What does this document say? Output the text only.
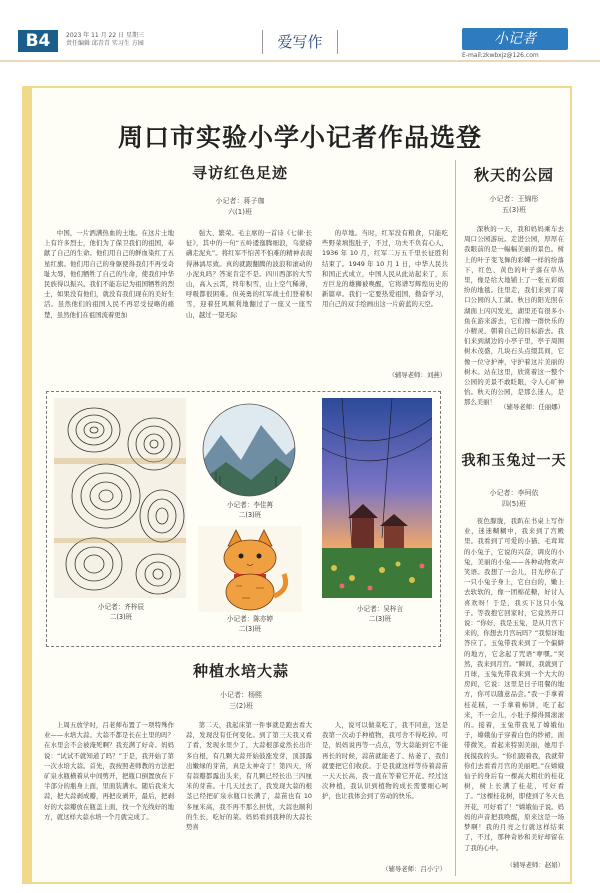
B4	2023 年 11 月 22 日 星期三
责任编辑 邱青青 实习生 方园	爱写作	小记者
E-mail:zkwbxjz@126.com
周口市实验小学小记者作品选登
寻访红色足迹
小记者：蒋子珈
六(1)班

中国，一片洒满热血的土地。在这片土地上有许多烈士，他们为了保卫我们的祖国，奉献了自己的生命。他们用自己的鲜血染红了五星红旗。他们用自己的身躯使得我们不再受奇耻大辱，他们牺牲了自己的生命，使我们中华民族得以振兴。我们不能忘记为祖国牺牲的烈士，如果没有他们，就没有我们现在的美好生活。虽然他们的祖国人民不再忍受侵略的痛楚，虽然他们在祖国流着更加

强大、繁荣。毛主席的一首诗《七律·长征》，其中的一句“五岭逶迤腾细浪，乌蒙磅礴走泥丸”。将红军不怕苦不怕难的精神表现得淋漓尽致。真的就跟翻腾的波浪和滚动的小泥丸吗？答案肯定不是。四川西部的大雪山，高入云霄，终年积雪，山上空气稀薄，呼吸都很困难。但英勇的红军战士们登着积雪，迎着狂风顺利地翻过了一座又一座雪山，越过一望无际

的草地。当时，红军没有粮食，只能吃些野菜填饱肚子，不过，功夫不负有心人，1936 年 10 月，红军二万五千里长征胜利结束了。1949 年 10 月 1 日，中华人民共和国正式成立，中国人民从此站起来了，东方巨龙的雄狮被唤醒，它将谱写辉煌历史的新篇章。我们一定要热爱祖国，勤奋学习，用自己的双手绘画出这一片蔚蓝的天空。

（辅导老师：刘燕）
小记者：齐梓辰
二(3)班
小记者：李佳苒
二(3)班
小记者：陈亦婷
二(3)班
小记者：吴梓言
二(3)班
种植水培大蒜
小记者：杨熙
三(2)班

上周五放学时，吕老师布置了一项特殊作业——水培大蒜。大蒜不都是长在土里的吗？在水里会不会被淹死啊？我充满了好奇。妈妈说：“试试不就知道了吗？”于是，我开始了第一次水培大蒜。首先，我按照老师教的方法把矿泉水瓶横着从中间剪开，把瓶口倒置放在下半部分的瓶身上面，里面装满水。随后我来大蒜，把大蒜剥成瓣，再把皮剥开，最后，把剥好的大蒜瓣放在瓶盖上面，找一个光线好的地方，就这样大蒜水培一个月就完成了。

第二天，我起床第一件事就是跑去看大蒜，发现没有任何变化。到了第三天我又看了看，发现水里少了，大蒜根部竟然长出许多白根，有几颗大蒜开始鼓涨发芽，顶部露出嫩绿的芽苗，真是太神奇了！第四天，所有蒜瓣都露出头来，有几颗已经长出三四厘米的芽苗。十几天过去了，我发现大蒜的根茎已经把矿泉水瓶口长满了，蒜苗也有 10 多厘米高，我不再不那么担忧，大蒜也顺利的生长，吃好的菜。妈妈看到我种的大蒜长势喜

人，说可以做菜吃了，我不同意，这是我第一次动手种植物，我可舍不得吃掉。可是，妈妈说再等一点点，等大蒜能到它不能再长的时候，蒜苗就能老了、枯萎了，我们就要把它们收获。于是我就这样等待着蒜苗一天天长高，我一直在等着它开花。经过这次种植，我认识到植物的成长需要细心呵护，也让我体会到了劳动的快乐。

（辅导老师：吕小宁）
秋天的公园
小记者：王锦彤
五(3)班

深秋的一天，我和妈妈乘车去周口公园游玩。走进公园，厚厚在我眼前的是一幅幅美丽的景色。树上的叶子变飞舞的彩蝶一样的纷落下，红色、黄色的叶子落在草丛里，像是给大地铺上了一张五彩缤纷的地毯。往里走，我们来到了周口公园的人工湖。秋日的阳光照在湖面上闪闪发光，湖里还有很多小鱼在游来游去，它们像一群快乐的小精灵，朝着自己的目标游去。我们来到湖边的小亭子里，亭子周围树木茂盛，几块石头点缀其间，它像一位守护神，守护着这片美丽的树木。站在这里，欣赏着这一整个公园的美景不敢眨眼，令人心旷神怡。秋天的公园，是那么迷人，是那么美丽！

（辅导老师：任丽娜）
我和玉兔过一天
小记者：李珂依
四(5)班

夜色朦胧，我趴在书桌上写作业，迷迷糊糊中，我来到了宫殿里。我看到了可爱的小猫、毛茸茸的小兔子，它说的兴奋，调皮的小兔，美丽的小兔——各种动物欢声笑语。我想了一会儿，目光停在了一只小兔子身上，它白白的，嫩上去软软的，像一团棉花糖，好讨人喜欢呀！于是，我买下这只小兔子。等我抱它回家时，它竟然开口说：“你好，我是玉兔，是从月宫下来的，你想去月宫玩吗？”我惊讶地答应了。玉兔带我来到了一个偏僻的地方，它念起了咒语“咿嘿。”突然，我来到月宫。“瞬间，我就到了月球，玉兔先带我来到一个大大的房间，它说：这里是日子用餐的地方，你可以随意品尝。”我一手拿着桂花糕，一手拿着柿饼，吃了起来，不一会儿，小肚子撑得圆滚滚的。接着，玉兔带我见了嫦娥仙子，嫦娥仙子穿着白色的纱裙，面带微笑，看起来特别美丽，她用手抚摸我的头。“你们跟着我，我就带你们去看看月宫的美丽吧。”在嫦娥仙子的身后有一棵高大粗壮的桂花树，树上长满了桂花，可好看了。“这棵桂花树，即使到了冬天也开花，可好看了！”嫦娥仙子说。妈妈的声音把我唤醒，原来这是一场梦啊！我的月亮之行就这样结束了，不过，那种奇妙和美好却留在了我的心中。

（辅导老师：赵娟）
